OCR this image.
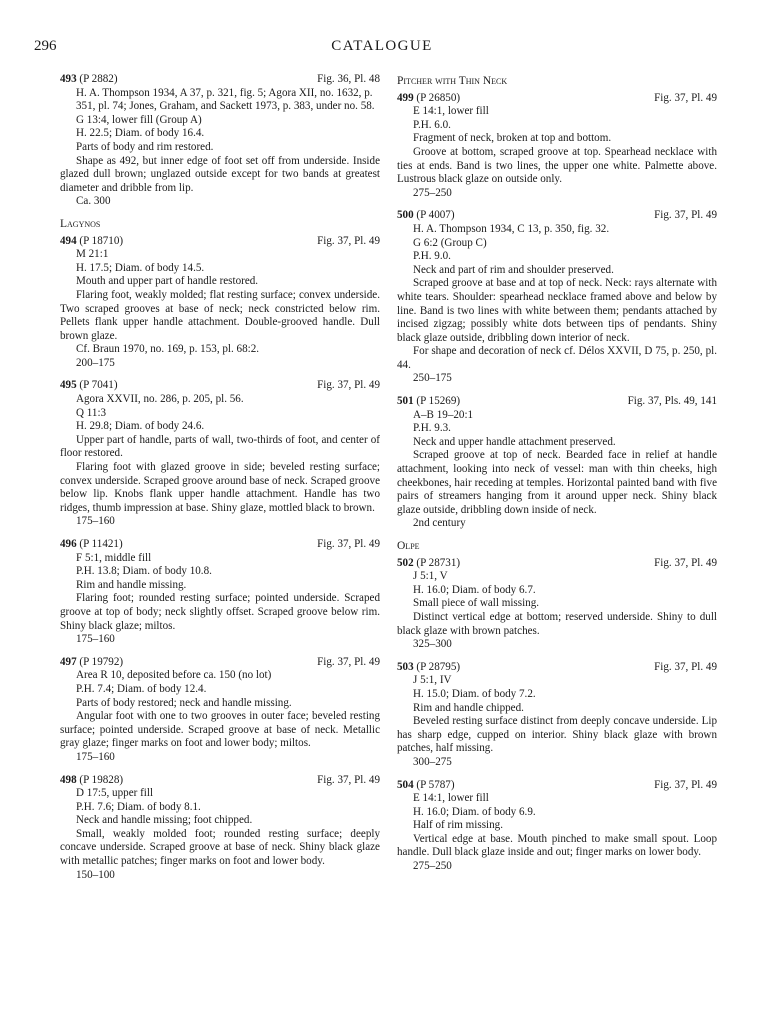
296	CATALOGUE
493 (P 2882)	Fig. 36, Pl. 48
H. A. Thompson 1934, A 37, p. 321, fig. 5; Agora XII, no. 1632, p. 351, pl. 74; Jones, Graham, and Sackett 1973, p. 383, under no. 58.
G 13:4, lower fill (Group A)
H. 22.5; Diam. of body 16.4.
Parts of body and rim restored.
Shape as 492, but inner edge of foot set off from underside. Inside glazed dull brown; unglazed outside except for two bands at greatest diameter and dribble from lip.
Ca. 300
Lagynos
494 (P 18710)	Fig. 37, Pl. 49
M 21:1
H. 17.5; Diam. of body 14.5.
Mouth and upper part of handle restored.
Flaring foot, weakly molded; flat resting surface; convex underside. Two scraped grooves at base of neck; neck constricted below rim. Pellets flank upper handle attachment. Double-grooved handle. Dull brown glaze.
Cf. Braun 1970, no. 169, p. 153, pl. 68:2.
200–175
495 (P 7041)	Fig. 37, Pl. 49
Agora XXVII, no. 286, p. 205, pl. 56.
Q 11:3
H. 29.8; Diam. of body 24.6.
Upper part of handle, parts of wall, two-thirds of foot, and center of floor restored.
Flaring foot with glazed groove in side; beveled resting surface; convex underside. Scraped groove around base of neck. Scraped groove below lip. Knobs flank upper handle attachment. Handle has two ridges, thumb impression at base. Shiny glaze, mottled black to brown.
175–160
496 (P 11421)	Fig. 37, Pl. 49
F 5:1, middle fill
P.H. 13.8; Diam. of body 10.8.
Rim and handle missing.
Flaring foot; rounded resting surface; pointed underside. Scraped groove at top of body; neck slightly offset. Scraped groove below rim. Shiny black glaze; miltos.
175–160
497 (P 19792)	Fig. 37, Pl. 49
Area R 10, deposited before ca. 150 (no lot)
P.H. 7.4; Diam. of body 12.4.
Parts of body restored; neck and handle missing.
Angular foot with one to two grooves in outer face; beveled resting surface; pointed underside. Scraped groove at base of neck. Metallic gray glaze; finger marks on foot and lower body; miltos.
175–160
498 (P 19828)	Fig. 37, Pl. 49
D 17:5, upper fill
P.H. 7.6; Diam. of body 8.1.
Neck and handle missing; foot chipped.
Small, weakly molded foot; rounded resting surface; deeply concave underside. Scraped groove at base of neck. Shiny black glaze with metallic patches; finger marks on foot and lower body.
150–100
Pitcher with Thin Neck
499 (P 26850)	Fig. 37, Pl. 49
E 14:1, lower fill
P.H. 6.0.
Fragment of neck, broken at top and bottom.
Groove at bottom, scraped groove at top. Spearhead necklace with ties at ends. Band is two lines, the upper one white. Palmette above. Lustrous black glaze on outside only.
275–250
500 (P 4007)	Fig. 37, Pl. 49
H. A. Thompson 1934, C 13, p. 350, fig. 32.
G 6:2 (Group C)
P.H. 9.0.
Neck and part of rim and shoulder preserved.
Scraped groove at base and at top of neck. Neck: rays alternate with white tears. Shoulder: spearhead necklace framed above and below by line. Band is two lines with white between them; pendants attached by incised zigzag; possibly white dots between tips of pendants. Shiny black glaze outside, dribbling down interior of neck.
For shape and decoration of neck cf. Délos XXVII, D 75, p. 250, pl. 44.
250–175
501 (P 15269)	Fig. 37, Pls. 49, 141
A–B 19–20:1
P.H. 9.3.
Neck and upper handle attachment preserved.
Scraped groove at top of neck. Bearded face in relief at handle attachment, looking into neck of vessel: man with thin cheeks, high cheekbones, hair receding at temples. Horizontal painted band with five pairs of streamers hanging from it around upper neck. Shiny black glaze outside, dribbling down inside of neck.
2nd century
Olpe
502 (P 28731)	Fig. 37, Pl. 49
J 5:1, V
H. 16.0; Diam. of body 6.7.
Small piece of wall missing.
Distinct vertical edge at bottom; reserved underside. Shiny to dull black glaze with brown patches.
325–300
503 (P 28795)	Fig. 37, Pl. 49
J 5:1, IV
H. 15.0; Diam. of body 7.2.
Rim and handle chipped.
Beveled resting surface distinct from deeply concave underside. Lip has sharp edge, cupped on interior. Shiny black glaze with brown patches, half missing.
300–275
504 (P 5787)	Fig. 37, Pl. 49
E 14:1, lower fill
H. 16.0; Diam. of body 6.9.
Half of rim missing.
Vertical edge at base. Mouth pinched to make small spout. Loop handle. Dull black glaze inside and out; finger marks on lower body.
275–250
